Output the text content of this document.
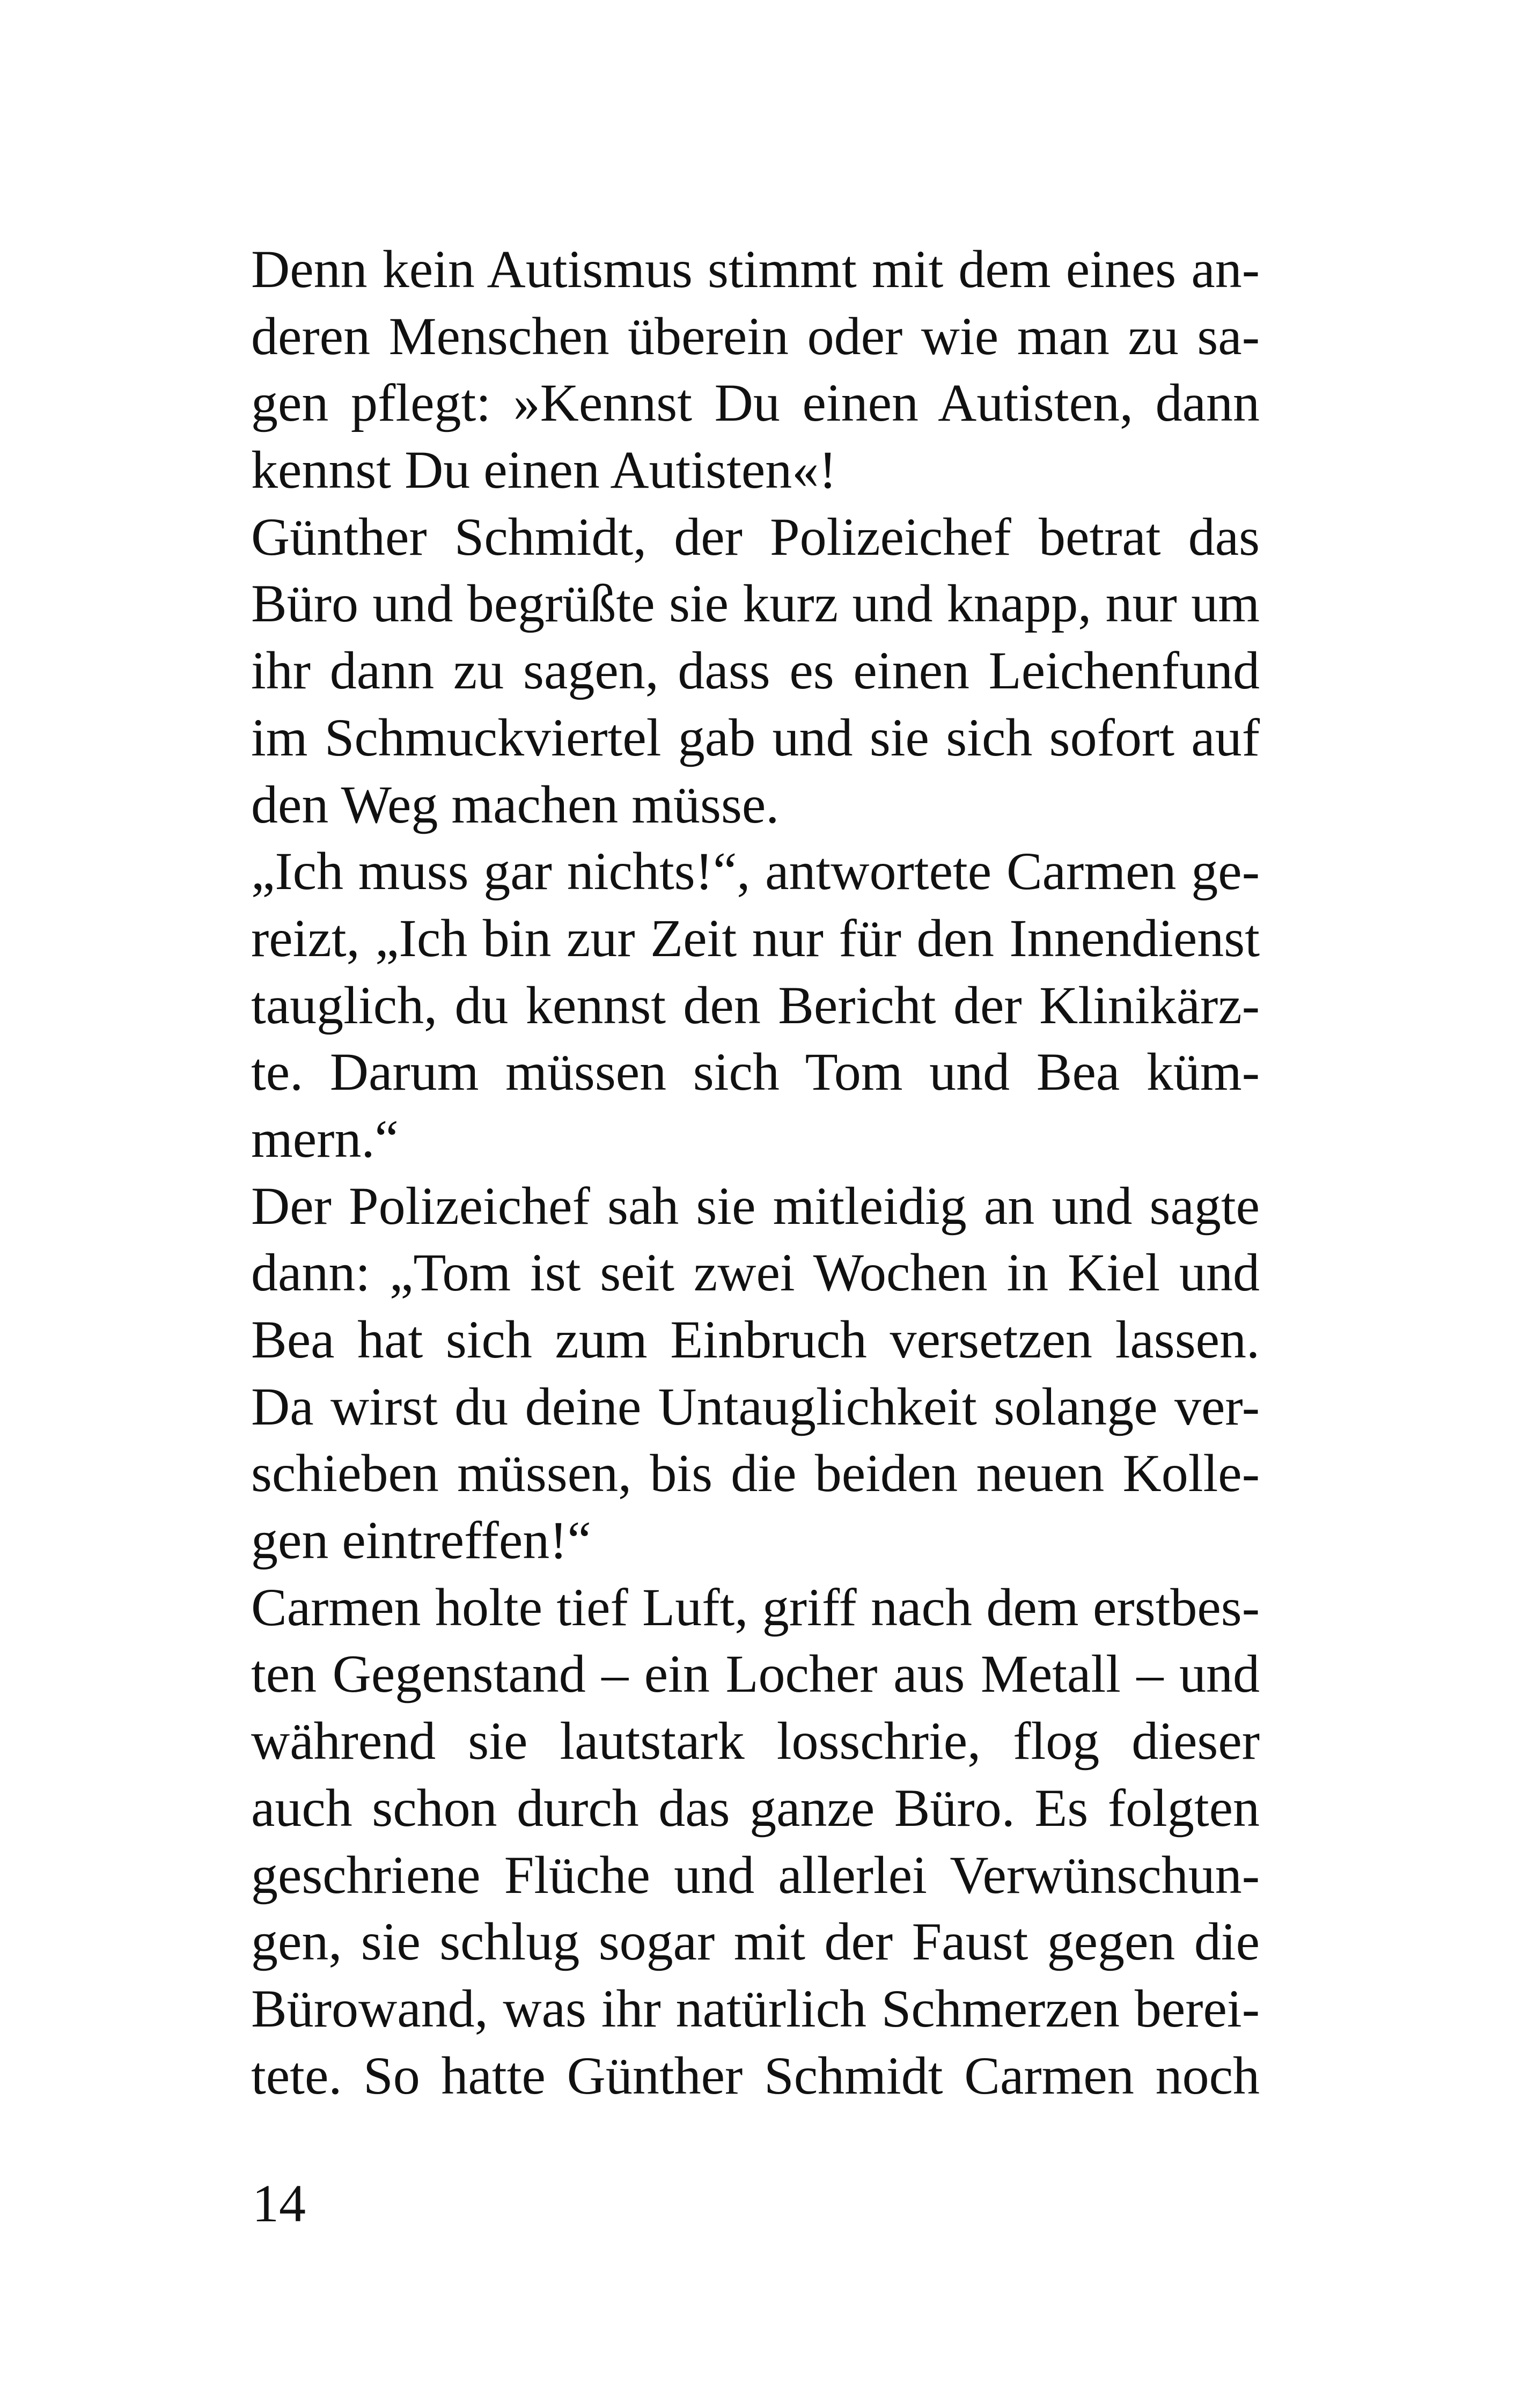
Denn kein Autismus stimmt mit dem eines an-
deren Menschen überein oder wie man zu sa-
gen pflegt: »Kennst Du einen Autisten, dann
kennst Du einen Autisten«!
Günther Schmidt, der Polizeichef betrat das
Büro und begrüßte sie kurz und knapp, nur um
ihr dann zu sagen, dass es einen Leichenfund
im Schmuckviertel gab und sie sich sofort auf
den Weg machen müsse.
„Ich muss gar nichts!“, antwortete Carmen ge-
reizt, „Ich bin zur Zeit nur für den Innendienst
tauglich, du kennst den Bericht der Klinikärz-
te. Darum müssen sich Tom und Bea küm-
mern.“
Der Polizeichef sah sie mitleidig an und sagte
dann: „Tom ist seit zwei Wochen in Kiel und
Bea hat sich zum Einbruch versetzen lassen.
Da wirst du deine Untauglichkeit solange ver-
schieben müssen, bis die beiden neuen Kolle-
gen eintreffen!“
Carmen holte tief Luft, griff nach dem erstbes-
ten Gegenstand – ein Locher aus Metall – und
während sie lautstark losschrie, flog dieser
auch schon durch das ganze Büro. Es folgten
geschriene Flüche und allerlei Verwünschun-
gen, sie schlug sogar mit der Faust gegen die
Bürowand, was ihr natürlich Schmerzen berei-
tete. So hatte Günther Schmidt Carmen noch
14
